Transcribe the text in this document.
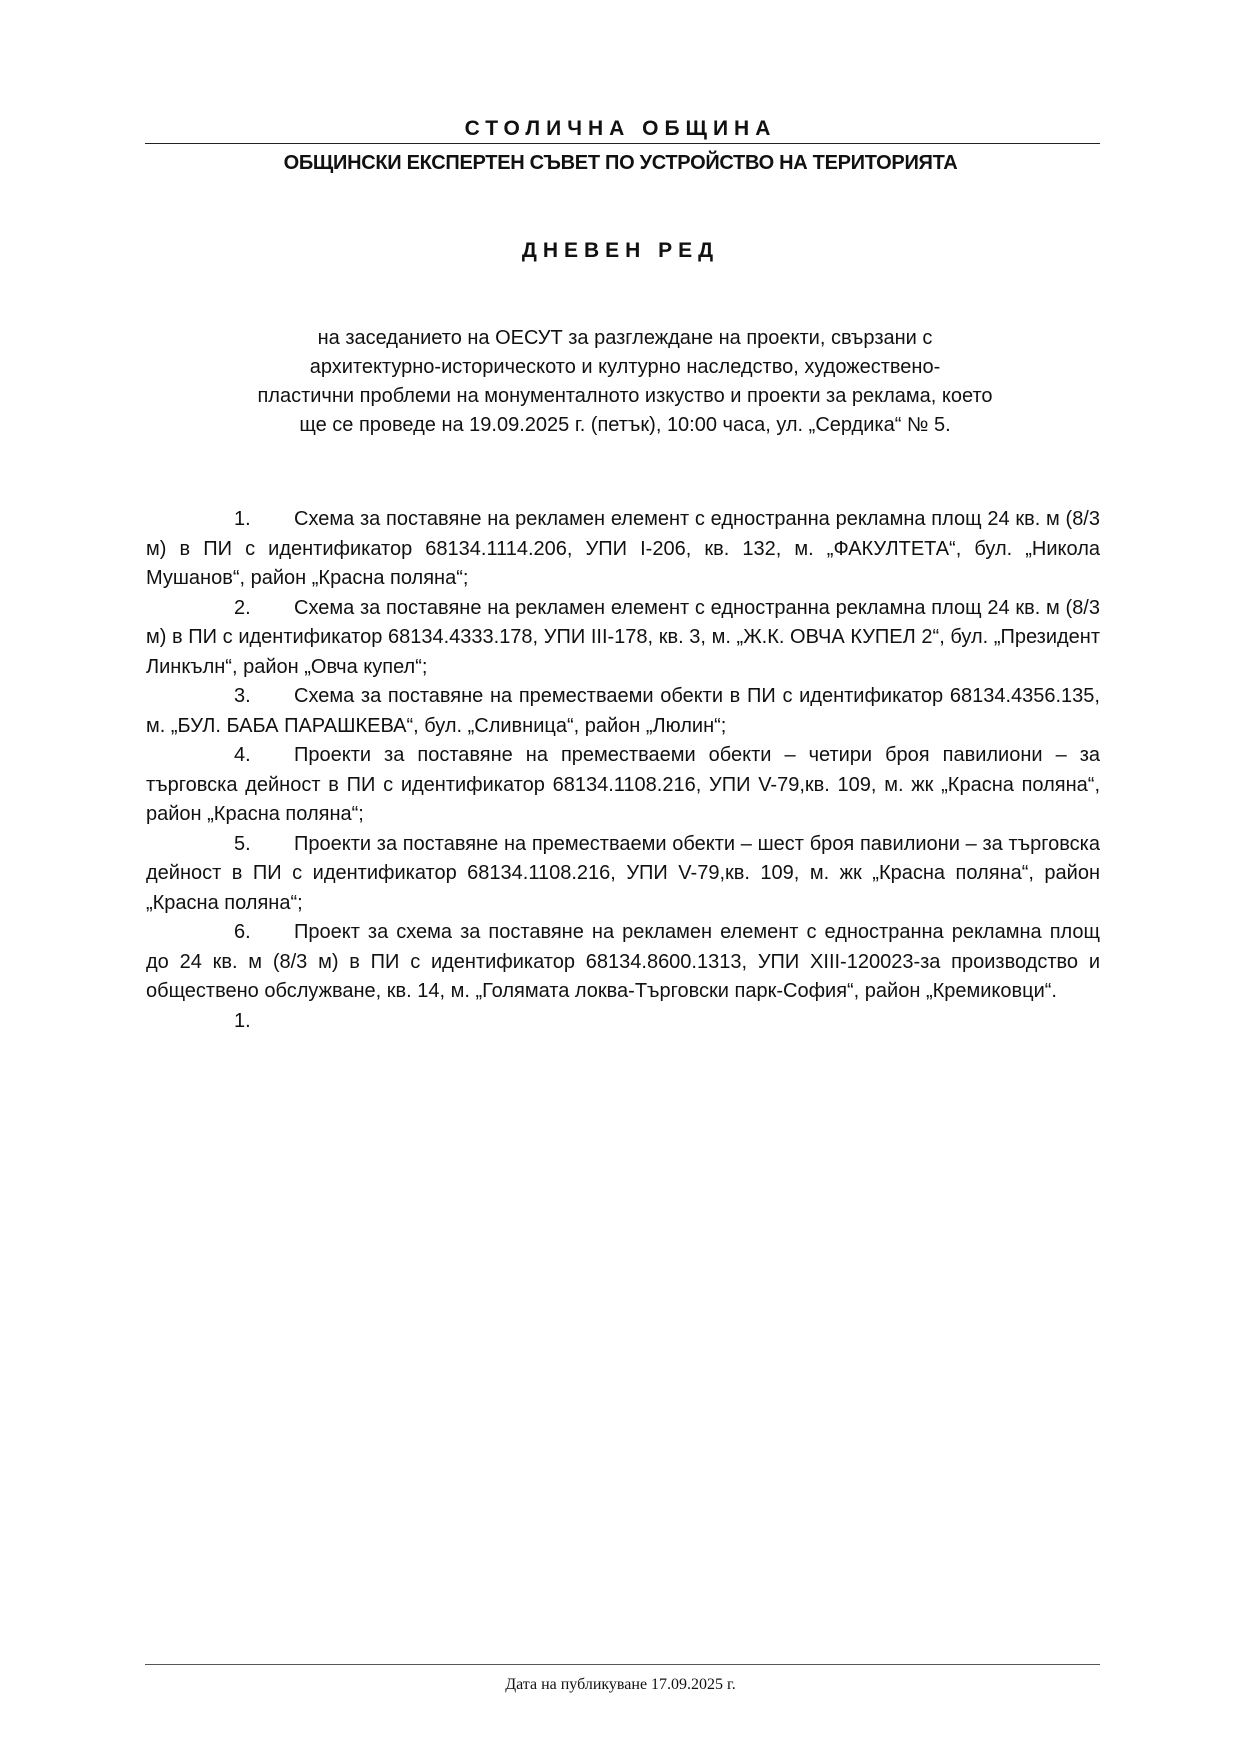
СТОЛИЧНА ОБЩИНА
ОБЩИНСКИ ЕКСПЕРТЕН СЪВЕТ ПО УСТРОЙСТВО НА ТЕРИТОРИЯТА
ДНЕВЕН РЕД
на заседанието на ОЕСУТ за разглеждане на проекти, свързани с
архитектурно-историческото и културно наследство, художествено-
пластични проблеми на монументалното изкуство и проекти за реклама, което
ще се проведе на 19.09.2025 г. (петък), 10:00 часа, ул. „Сердика“ № 5.

1. Схема за поставяне на рекламен елемент с едностранна рекламна площ 24 кв. м (8/3 м) в ПИ с идентификатор 68134.1114.206, УПИ I-206, кв. 132, м. „ФАКУЛТЕТА“, бул. „Никола Мушанов“, район „Красна поляна“;

2. Схема за поставяне на рекламен елемент с едностранна рекламна площ 24 кв. м (8/3 м) в ПИ с идентификатор 68134.4333.178, УПИ III-178, кв. 3, м. „Ж.К. ОВЧА КУПЕЛ 2“, бул. „Президент Линкълн“, район „Овча купел“;

3. Схема за поставяне на преместваеми обекти в ПИ с идентификатор 68134.4356.135, м. „БУЛ. БАБА ПАРАШКЕВА“, бул. „Сливница“, район „Люлин“;

4. Проекти за поставяне на преместваеми обекти – четири броя павилиони – за търговска дейност в ПИ с идентификатор 68134.1108.216, УПИ V-79,кв. 109, м. жк „Красна поляна“, район „Красна поляна“;

5. Проекти за поставяне на преместваеми обекти – шест броя павилиони – за търговска дейност в ПИ с идентификатор 68134.1108.216, УПИ V-79,кв. 109, м. жк „Красна поляна“, район „Красна поляна“;

6. Проект за схема за поставяне на рекламен елемент с едностранна рекламна площ до 24 кв. м (8/3 м) в ПИ с идентификатор 68134.8600.1313, УПИ XIII-120023-за производство и обществено обслужване, кв. 14, м. „Голямата локва-Търговски парк-София“, район „Кремиковци“.

1.

Дата на публикуване 17.09.2025 г.
